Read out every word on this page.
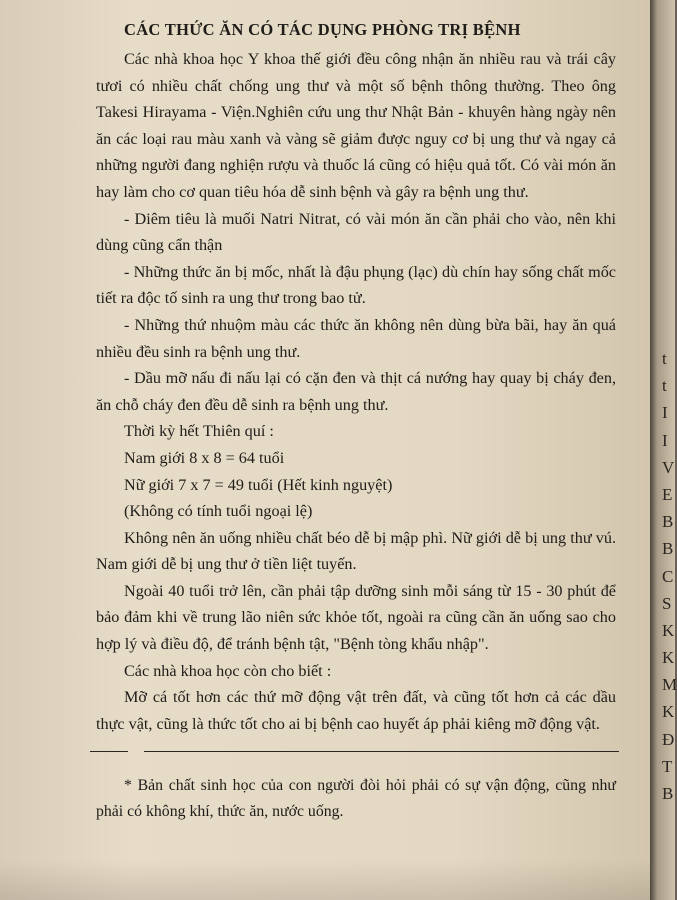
CÁC THỨC ĂN CÓ TÁC DỤNG PHÒNG TRỊ BỆNH

Các nhà khoa học Y khoa thế giới đều công nhận ăn nhiều rau và trái cây tươi có nhiều chất chống ung thư và một số bệnh thông thường. Theo ông Takesi Hirayama - Viện.Nghiên cứu ung thư Nhật Bản - khuyên hàng ngày nên ăn các loại rau màu xanh và vàng sẽ giảm được nguy cơ bị ung thư và ngay cả những người đang nghiện rượu và thuốc lá cũng có hiệu quả tốt. Có vài món ăn hay làm cho cơ quan tiêu hóa dễ sinh bệnh và gây ra bệnh ung thư.

- Diêm tiêu là muối Natri Nitrat, có vài món ăn cần phải cho vào, nên khi dùng cũng cẩn thận

- Những thức ăn bị mốc, nhất là đậu phụng (lạc) dù chín hay sống chất mốc tiết ra độc tố sinh ra ung thư trong bao tử.

- Những thứ nhuộm màu các thức ăn không nên dùng bừa bãi, hay ăn quá nhiều đều sinh ra bệnh ung thư.

- Dầu mỡ nấu đi nấu lại có cặn đen và thịt cá nướng hay quay bị cháy đen, ăn chỗ cháy đen đều dễ sinh ra bệnh ung thư.

Thời kỳ hết Thiên quí :
Nam giới 8 x 8 = 64 tuổi
Nữ giới 7 x 7 = 49 tuổi (Hết kinh nguyệt)
(Không có tính tuổi ngoại lệ)

Không nên ăn uống nhiều chất béo dễ bị mập phì. Nữ giới dễ bị ung thư vú. Nam giới dễ bị ung thư ở tiền liệt tuyến.

Ngoài 40 tuổi trở lên, cần phải tập dưỡng sinh mỗi sáng từ 15 - 30 phút để bảo đảm khi về trung lão niên sức khỏe tốt, ngoài ra cũng cần ăn uống sao cho hợp lý và điều độ, để tránh bệnh tật, "Bệnh tòng khẩu nhập".

Các nhà khoa học còn cho biết :

Mỡ cá tốt hơn các thứ mỡ động vật trên đất, và cũng tốt hơn cả các dầu thực vật, cũng là thức tốt cho ai bị bệnh cao huyết áp phải kiêng mỡ động vật.

* Bản chất sinh học của con người đòi hỏi phải có sự vận động, cũng như phải có không khí, thức ăn, nước uống.

t
t
I
I
V
E
B
B
C
S
K
K
M
K
Đ
T
B
